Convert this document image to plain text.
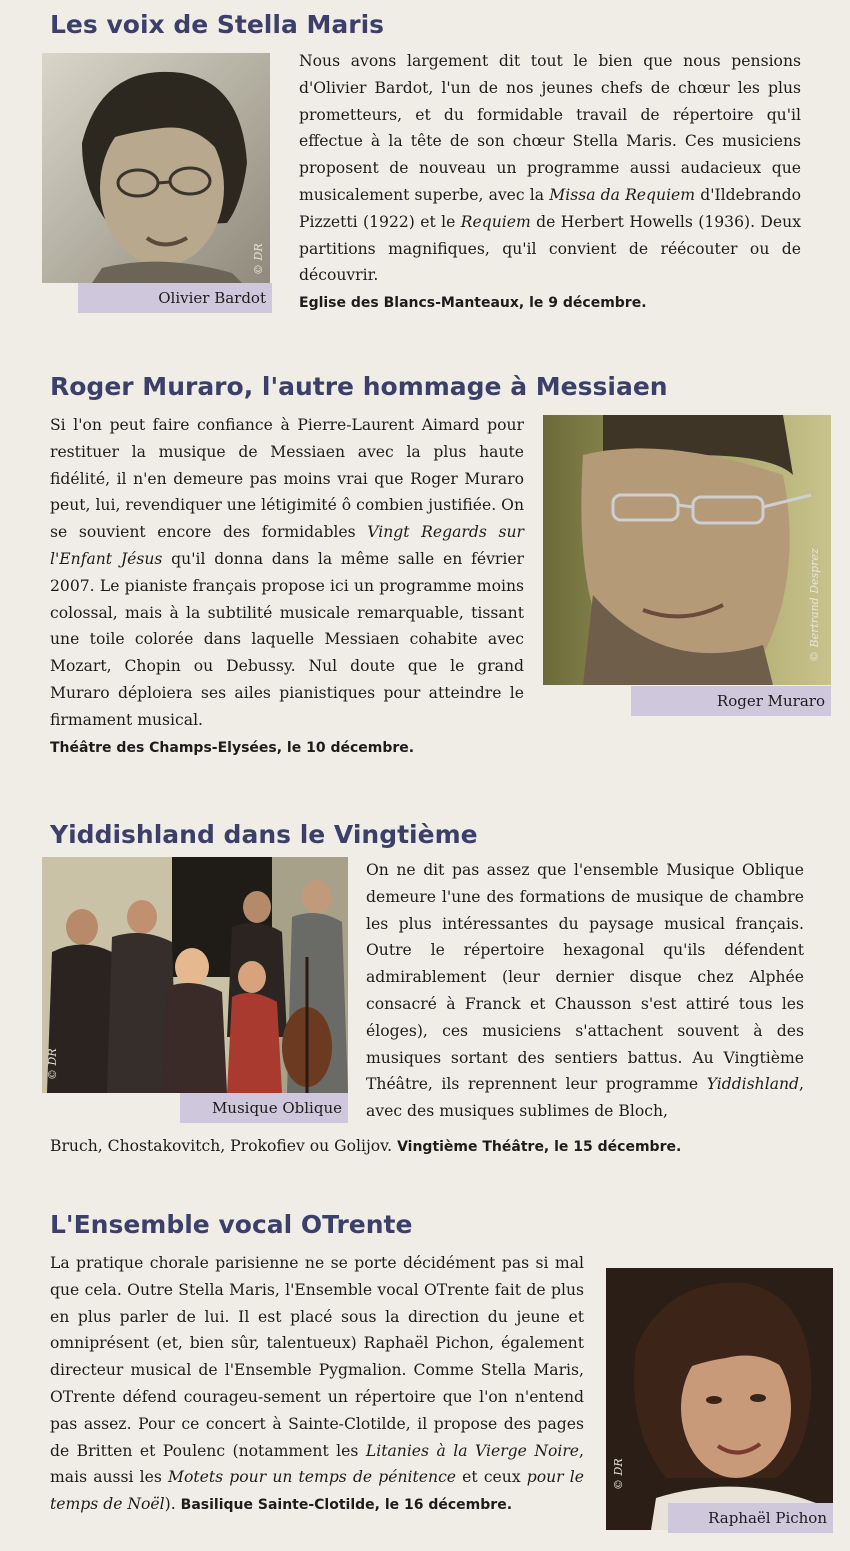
Les voix de Stella Maris
© DR
Olivier Bardot

Nous avons largement dit tout le bien que nous pensions d'Olivier Bardot, l'un de nos jeunes chefs de chœur les plus prometteurs, et du formidable travail de répertoire qu'il effectue à la tête de son chœur Stella Maris. Ces musiciens proposent de nouveau un programme aussi audacieux que musicalement superbe, avec la Missa da Requiem d'Ildebrando Pizzetti (1922) et le Requiem de Herbert Howells (1936). Deux partitions magnifiques, qu'il convient de réécouter ou de découvrir.
Eglise des Blancs-Manteaux, le 9 décembre.

Roger Muraro, l'autre hommage à Messiaen

Si l'on peut faire confiance à Pierre-Laurent Aimard pour restituer la musique de Messiaen avec la plus haute fidélité, il n'en demeure pas moins vrai que Roger Muraro peut, lui, revendiquer une létigimité ô combien justifiée. On se souvient encore des formidables Vingt Regards sur l'Enfant Jésus qu'il donna dans la même salle en février 2007. Le pianiste français propose ici un programme moins colossal, mais à la subtilité musicale remarquable, tissant une toile colorée dans laquelle Messiaen cohabite avec Mozart, Chopin ou Debussy. Nul doute que le grand Muraro déploiera ses ailes pianistiques pour atteindre le firmament musical.
Théâtre des Champs-Elysées, le 10 décembre.

© Bertrand Desprez
Roger Muraro
Yiddishland dans le Vingtième
© DR
Musique Oblique

On ne dit pas assez que l'ensemble Musique Oblique demeure l'une des formations de musique de chambre les plus intéressantes du paysage musical français. Outre le répertoire hexagonal qu'ils défendent admirablement (leur dernier disque chez Alphée consacré à Franck et Chausson s'est attiré tous les éloges), ces musiciens s'attachent souvent à des musiques sortant des sentiers battus. Au Vingtième Théâtre, ils reprennent leur programme Yiddishland, avec des musiques sublimes de Bloch,

Bruch, Chostakovitch, Prokofiev ou Golijov. Vingtième Théâtre, le 15 décembre.

L'Ensemble vocal OTrente

La pratique chorale parisienne ne se porte décidément pas si mal que cela. Outre Stella Maris, l'Ensemble vocal OTrente fait de plus en plus parler de lui. Il est placé sous la direction du jeune et omniprésent (et, bien sûr, talentueux) Raphaël Pichon, également directeur musical de l'Ensemble Pygmalion. Comme Stella Maris, OTrente défend courageu-sement un répertoire que l'on n'entend pas assez. Pour ce concert à Sainte-Clotilde, il propose des pages de Britten et Poulenc (notamment les Litanies à la Vierge Noire, mais aussi les Motets pour un temps de pénitence et ceux pour le temps de Noël). Basilique Sainte-Clotilde, le 16 décembre.

© DR
Raphaël Pichon
